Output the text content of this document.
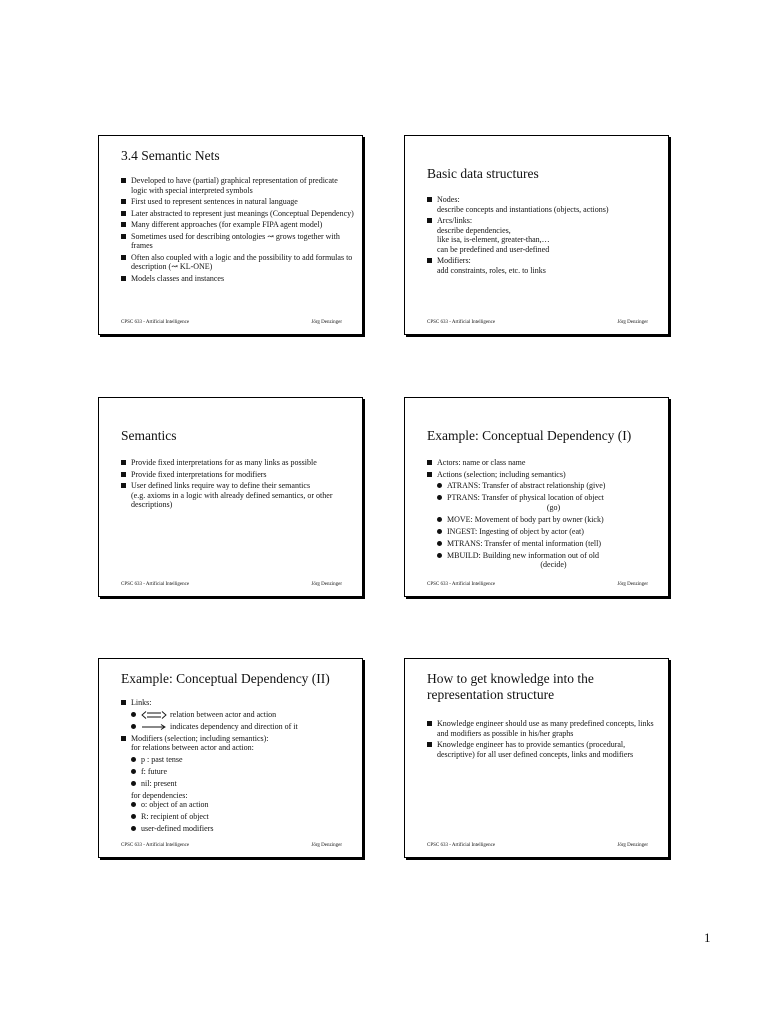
3.4 Semantic Nets
Developed to have (partial) graphical representation of predicate logic with special interpreted symbols
First used to represent sentences in natural language
Later abstracted to represent just meanings (Conceptual Dependency)
Many different approaches (for example FIPA agent model)
Sometimes used for describing ontologies ↝ grows together with frames
Often also coupled with a logic and the possibility to add formulas to description (↝ KL-ONE)
Models classes and instances
CPSC 633 - Artificial Intelligence	Jörg Denzinger
Basic data structures
Nodes:
describe concepts and instantiations (objects, actions)
Arcs/links:
describe dependencies,
like isa, is-element, greater-than,…
can be predefined and user-defined
Modifiers:
add constraints, roles, etc. to links
CPSC 633 - Artificial Intelligence	Jörg Denzinger
Semantics
Provide fixed interpretations for as many links as possible
Provide fixed interpretations for modifiers
User defined links require way to define their semantics
(e.g. axioms in a logic with already defined semantics, or other descriptions)
CPSC 633 - Artificial Intelligence	Jörg Denzinger
Example: Conceptual Dependency (I)
Actors: name or class name
Actions (selection; including semantics)
ATRANS: Transfer of abstract relationship (give)
PTRANS: Transfer of physical location of object
(go)
MOVE: Movement of body part by owner (kick)
INGEST: Ingesting of object by actor (eat)
MTRANS: Transfer of mental information (tell)
MBUILD: Building new information out of old
(decide)
CPSC 633 - Artificial Intelligence	Jörg Denzinger
Example: Conceptual Dependency (II)
Links:
relation between actor and action
indicates dependency and direction of it
Modifiers (selection; including semantics):
for relations between actor and action:
p : past tense
f: future
nil: present
for dependencies:
o: object of an action
R: recipient of object
user-defined modifiers
CPSC 633 - Artificial Intelligence	Jörg Denzinger
How to get knowledge into the representation structure
Knowledge engineer should use as many predefined concepts, links and modifiers as possible in his/her graphs
Knowledge engineer has to provide semantics (procedural, descriptive) for all user defined concepts, links and modifiers
CPSC 633 - Artificial Intelligence	Jörg Denzinger
1
